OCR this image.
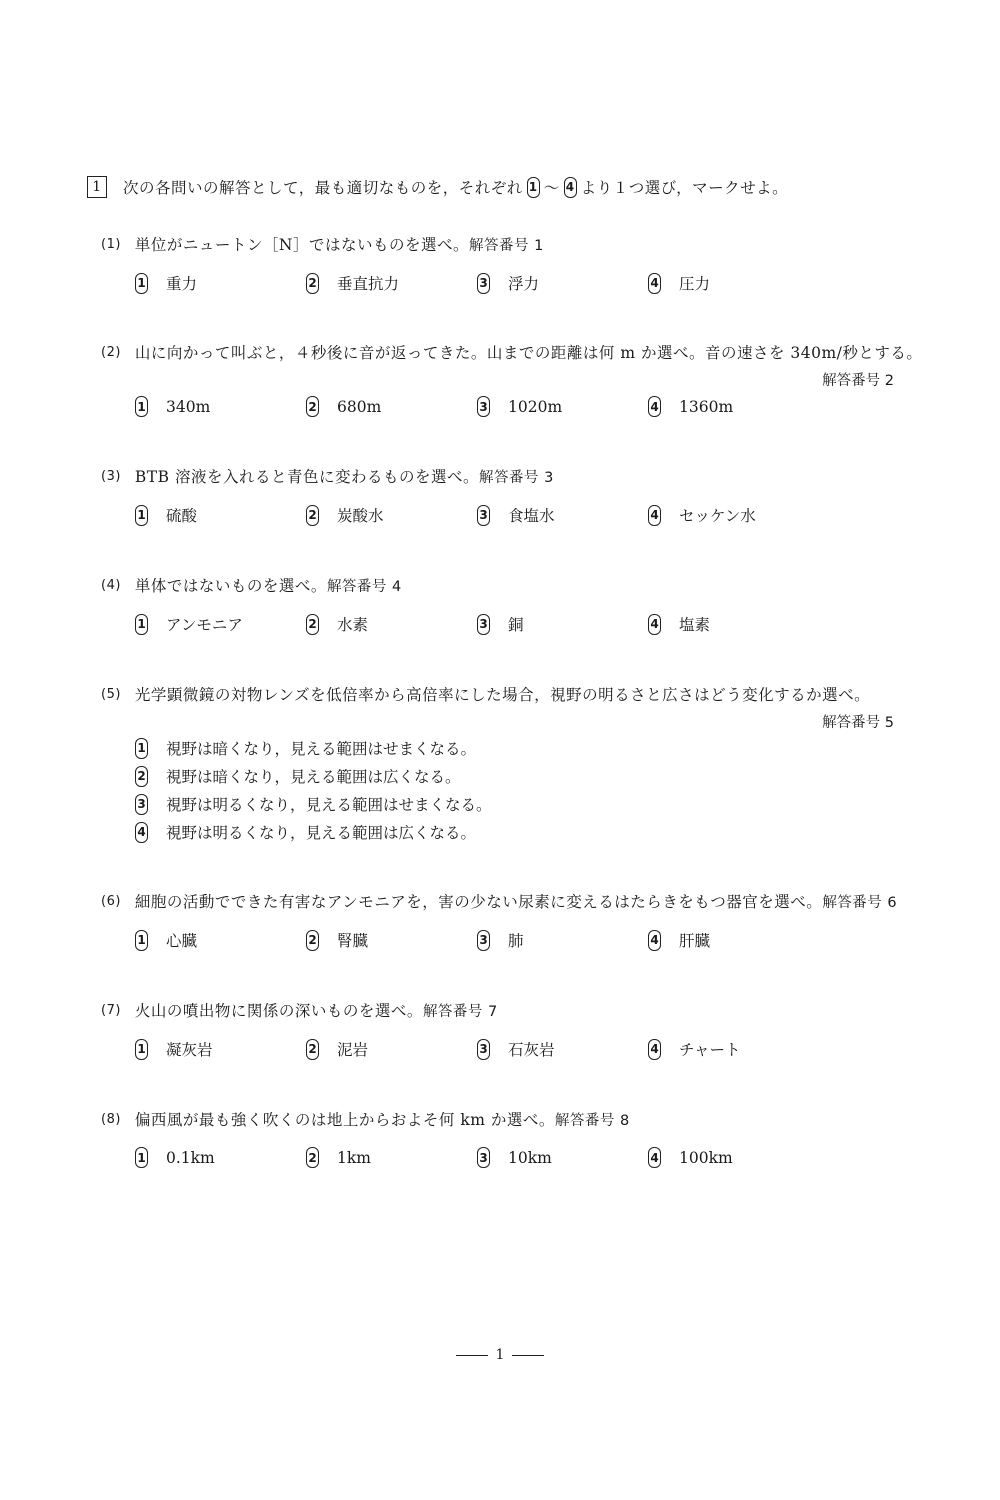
1	次の各問いの解答として，最も適切なものを，それぞれ 1 ～ 4 より１つ選び，マークせよ。
(1) 単位がニュートン［N］ではないものを選べ。 解答番号 1
1 重力	2 垂直抗力	3 浮力	4 圧力
(2) 山に向かって叫ぶと，４秒後に音が返ってきた。山までの距離は何 m か選べ。音の速さを 340m/秒とする。
解答番号 2
1 340m	2 680m	3 1020m	4 1360m
(3) BTB 溶液を入れると青色に変わるものを選べ。 解答番号 3
1 硫酸	2 炭酸水	3 食塩水	4 セッケン水
(4) 単体ではないものを選べ。 解答番号 4
1 アンモニア	2 水素	3 銅	4 塩素
(5) 光学顕微鏡の対物レンズを低倍率から高倍率にした場合，視野の明るさと広さはどう変化するか選べ。
解答番号 5
1 視野は暗くなり，見える範囲はせまくなる。
2 視野は暗くなり，見える範囲は広くなる。
3 視野は明るくなり，見える範囲はせまくなる。
4 視野は明るくなり，見える範囲は広くなる。
(6) 細胞の活動でできた有害なアンモニアを，害の少ない尿素に変えるはたらきをもつ器官を選べ。 解答番号 6
1 心臓	2 腎臓	3 肺	4 肝臓
(7) 火山の噴出物に関係の深いものを選べ。 解答番号 7
1 凝灰岩	2 泥岩	3 石灰岩	4 チャート
(8) 偏西風が最も強く吹くのは地上からおよそ何 km か選べ。 解答番号 8
1 0.1km	2 1km	3 10km	4 100km
1
